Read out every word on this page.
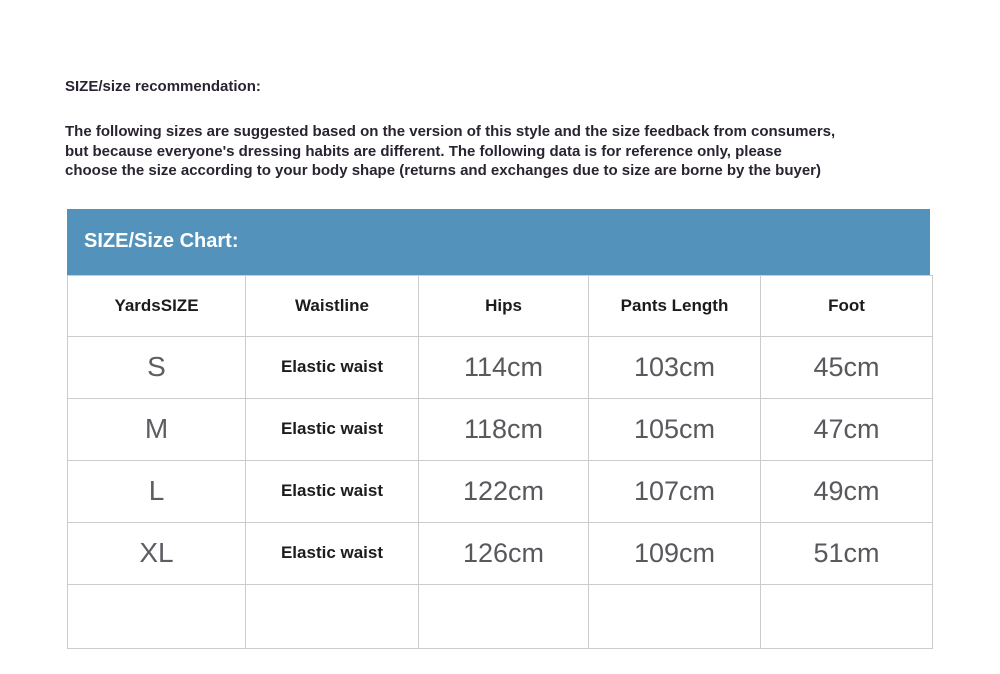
SIZE/size recommendation:
The following sizes are suggested based on the version of this style and the size feedback from consumers,
but because everyone's dressing habits are different. The following data is for reference only, please
choose the size according to your body shape (returns and exchanges due to size are borne by the buyer)
SIZE/Size Chart:
YardsSIZE	Waistline	Hips	Pants Length	Foot
S	Elastic waist	114cm	103cm	45cm
M	Elastic waist	118cm	105cm	47cm
L	Elastic waist	122cm	107cm	49cm
XL	Elastic waist	126cm	109cm	51cm
